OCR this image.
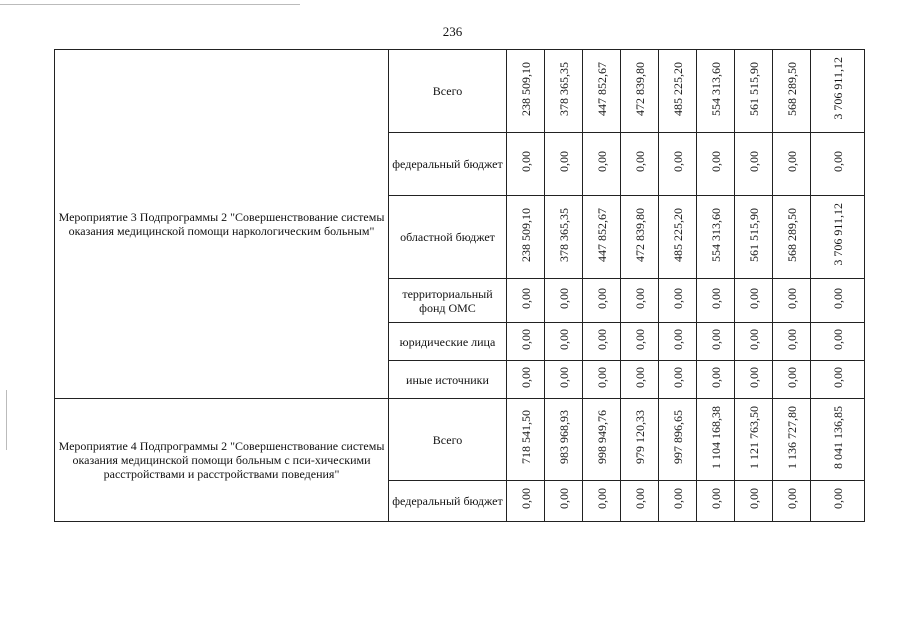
236
Мероприятие 3 Подпрограммы 2 "Совершенствование системы оказания медицинской помощи наркологическим больным"	Всего	238 509,10	378 365,35	447 852,67	472 839,80	485 225,20	554 313,60	561 515,90	568 289,50	3 706 911,12
	федеральный бюджет	0,00	0,00	0,00	0,00	0,00	0,00	0,00	0,00	0,00
	областной бюджет	238 509,10	378 365,35	447 852,67	472 839,80	485 225,20	554 313,60	561 515,90	568 289,50	3 706 911,12
	территориальный фонд ОМС	0,00	0,00	0,00	0,00	0,00	0,00	0,00	0,00	0,00
	юридические лица	0,00	0,00	0,00	0,00	0,00	0,00	0,00	0,00	0,00
	иные источники	0,00	0,00	0,00	0,00	0,00	0,00	0,00	0,00	0,00
Мероприятие 4 Подпрограммы 2 "Совершенствование системы оказания медицинской помощи больным с пси-хическими расстройствами и расстройствами поведения"	Всего	718 541,50	983 968,93	998 949,76	979 120,33	997 896,65	1 104 168,38	1 121 763,50	1 136 727,80	8 041 136,85
	федеральный бюджет	0,00	0,00	0,00	0,00	0,00	0,00	0,00	0,00	0,00
